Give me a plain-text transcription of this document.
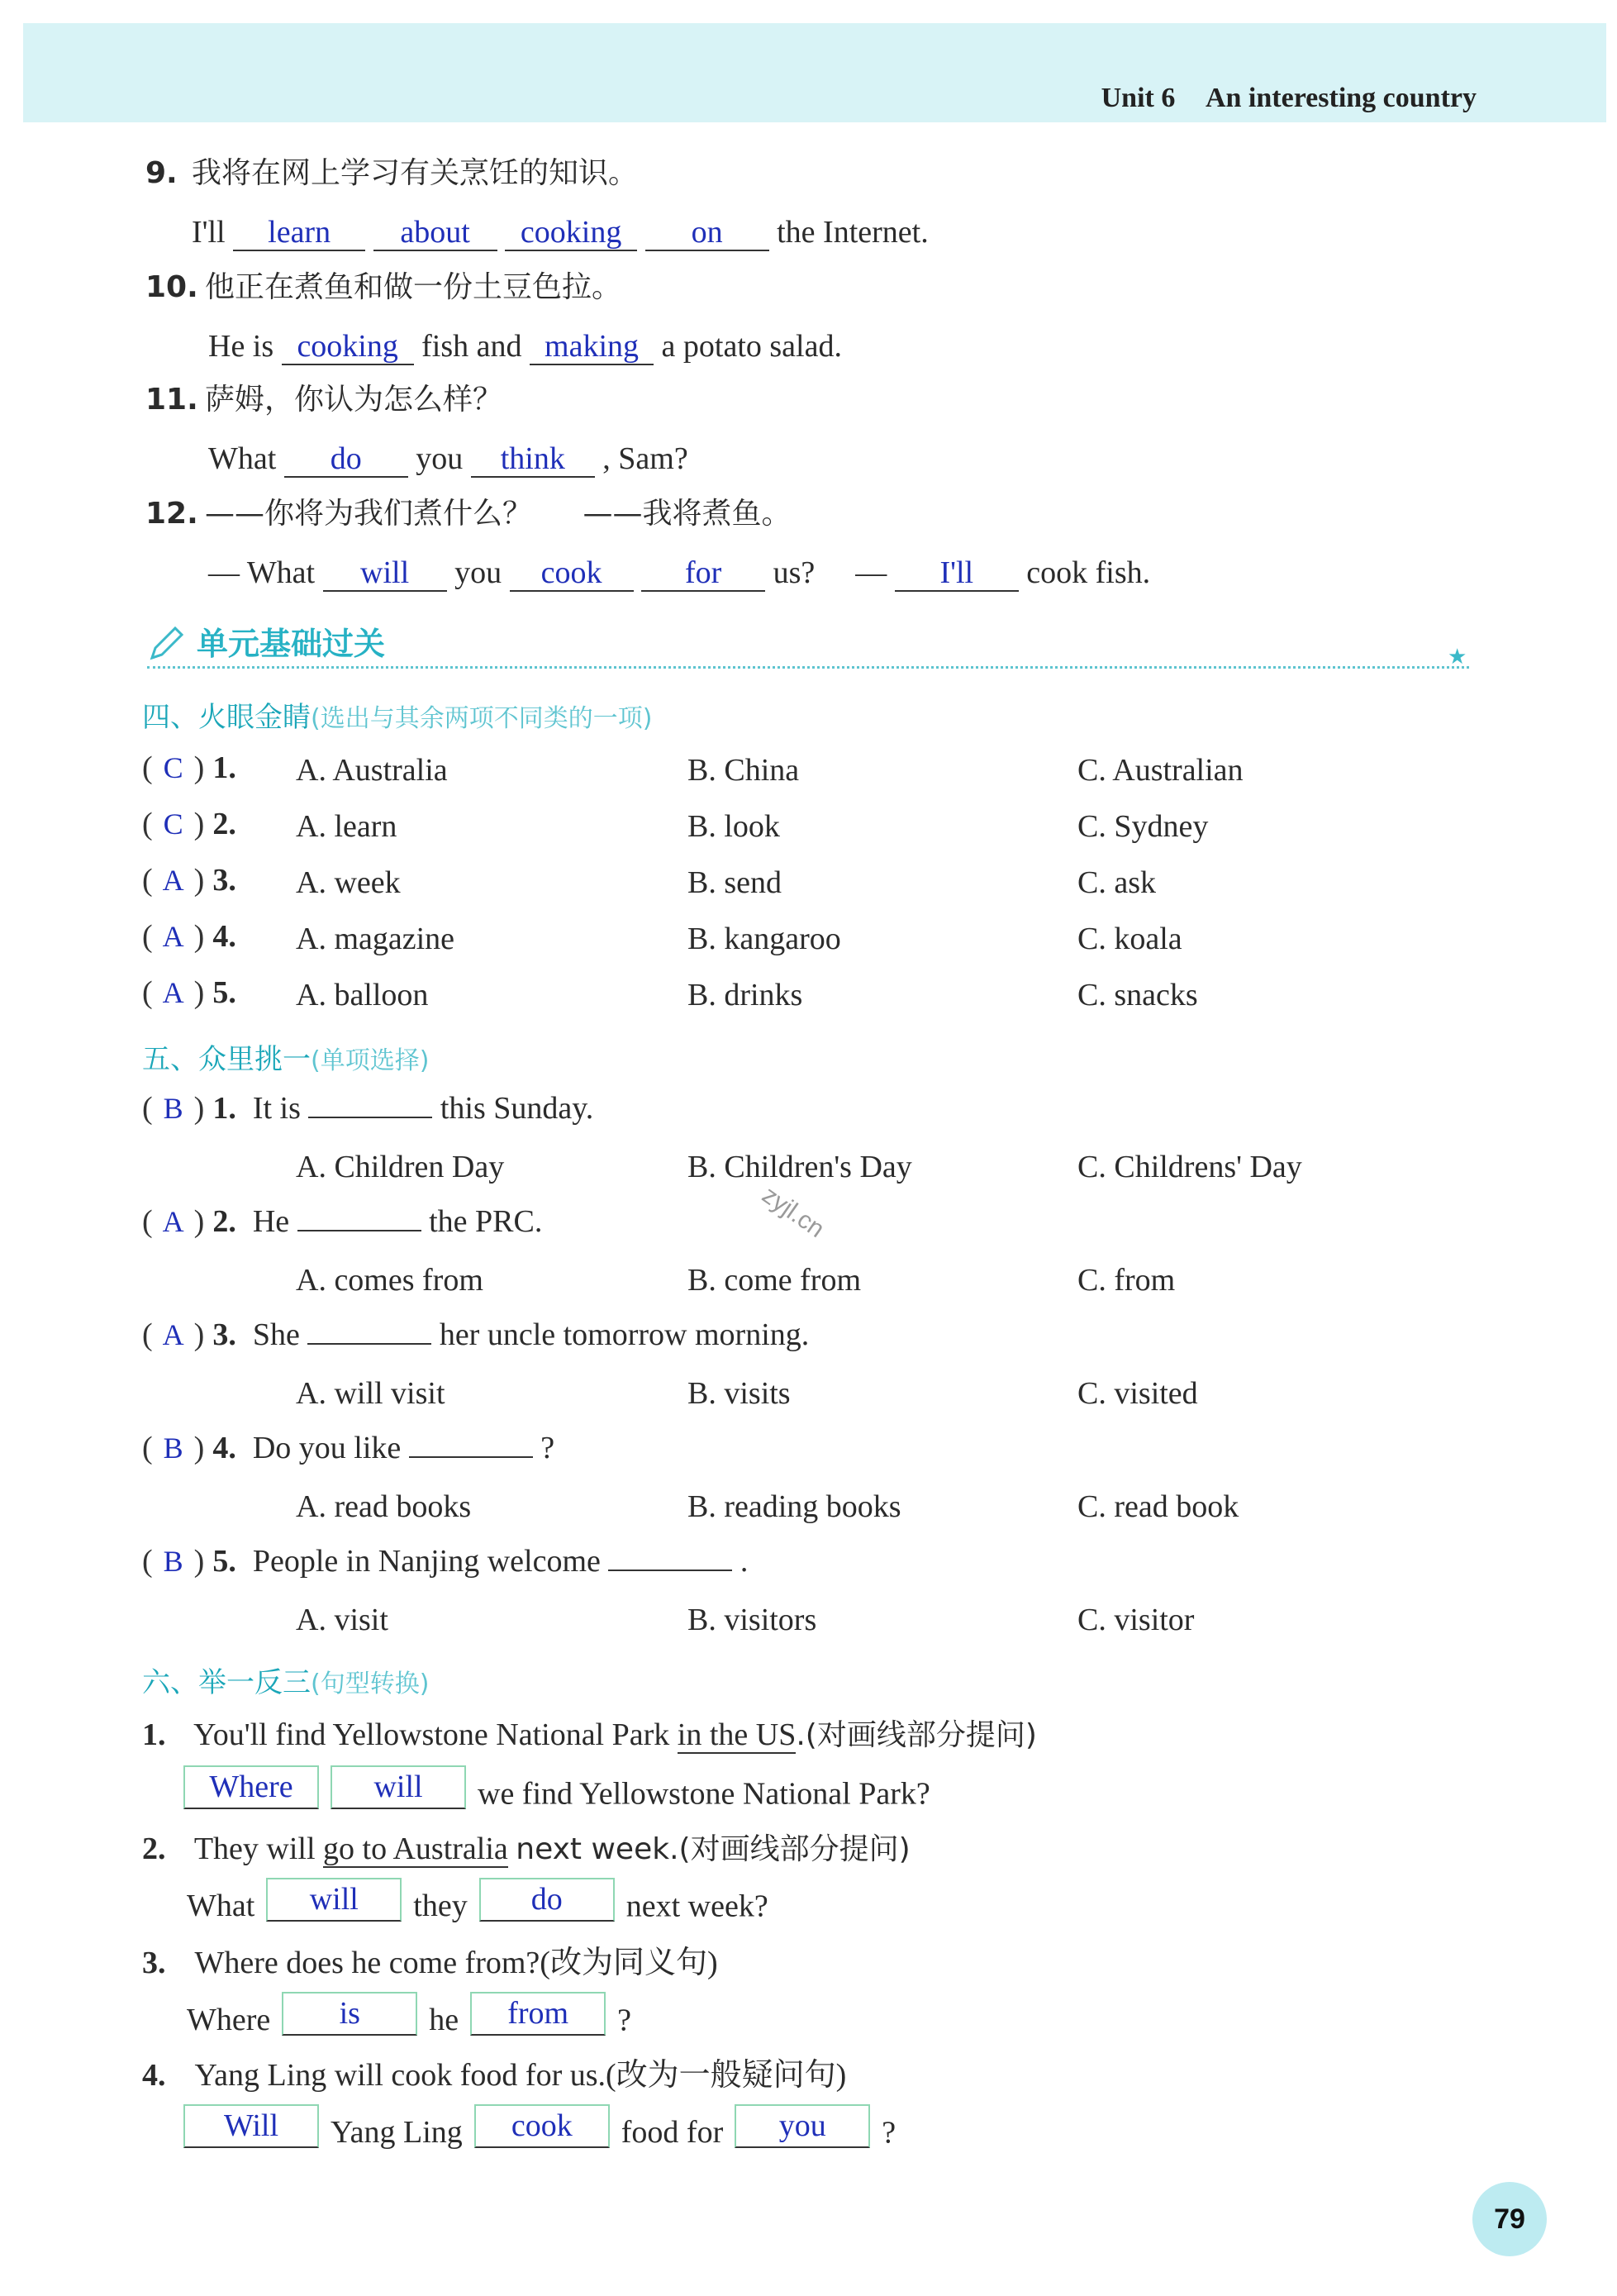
Unit 6 An interesting country
9. 我将在网上学习有关烹饪的知识。
I'll learn about cooking on the Internet.
10. 他正在煮鱼和做一份土豆色拉。
He is cooking fish and making a potato salad.
11. 萨姆，你认为怎么样？
What do you think , Sam?
12. ——你将为我们煮什么？ ——我将煮鱼。
— What will you cook	for us? — I'll cook fish.
单元基础过关	★
四、火眼金睛(选出与其余两项不同类的一项)
( C ) 1. A. Australia	B. China	C. Australian
( C ) 2. A. learn	B. look	C. Sydney
( A ) 3. A. week	B. send	C. ask
( A ) 4. A. magazine	B. kangaroo	C. koala
( A ) 5. A. balloon	B. drinks	C. snacks
五、众里挑一(单项选择)
( B ) 1. It is	this Sunday.
A. Children Day	B. Children's Day	C. Childrens' Day
( A ) 2. He	the PRC.
A. comes from	B. come from	C. from
( A ) 3. She	her uncle tomorrow morning.
A. will visit	B. visits	C. visited
( B ) 4. Do you like	?
A. read books	B. reading books	C. read book
( B ) 5. People in Nanjing welcome	.
A. visit	B. visitors	C. visitor
zyjl.cn
六、举一反三(句型转换)
1. You'll find Yellowstone National Park in the US.(对画线部分提问)
Where	will we find Yellowstone National Park?
2. They will go to Australia next week.(对画线部分提问)
What will they do next week?
3. Where does he come from?(改为同义句)
Where is he from ?
4. Yang Ling will cook food for us.(改为一般疑问句)
Will Yang Ling cook food for you ?
79
